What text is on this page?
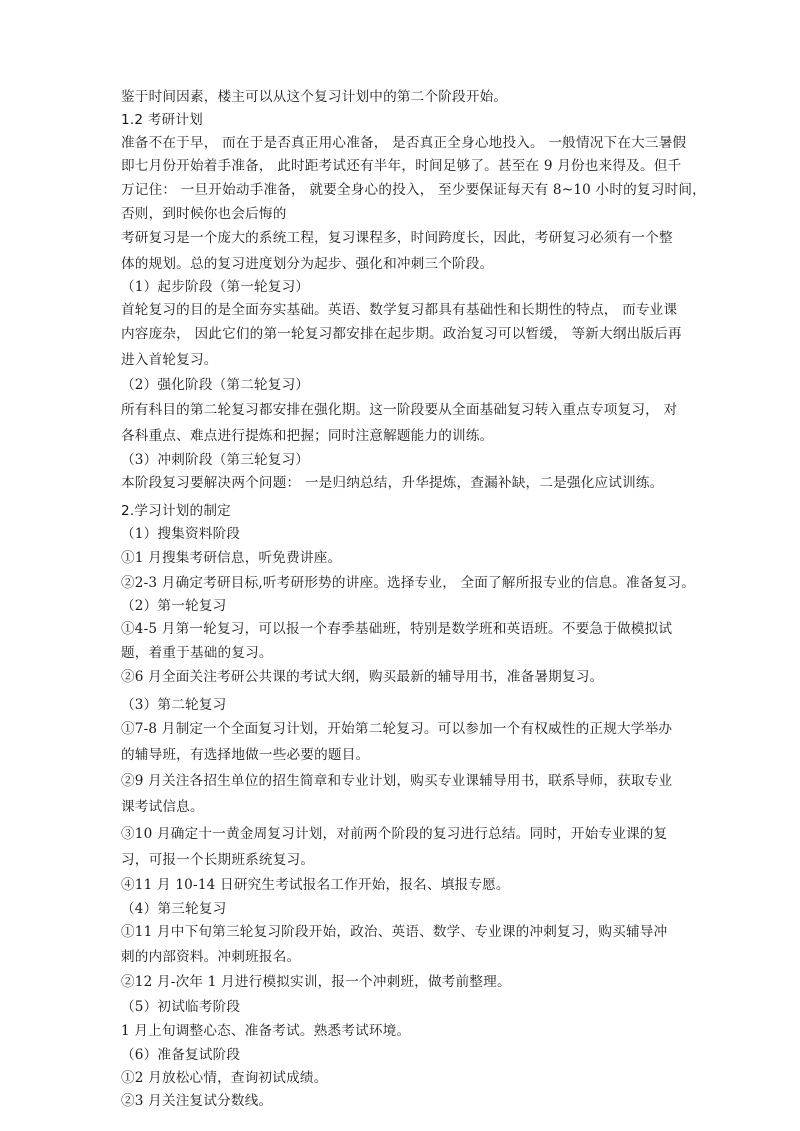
鉴于时间因素，楼主可以从这个复习计划中的第二个阶段开始。
1.2 考研计划
准备不在于早， 而在于是否真正用心准备， 是否真正全身心地投入。 一般情况下在大三暑假
即七月份开始着手准备， 此时距考试还有半年，时间足够了。甚至在 9 月份也来得及。但千
万记住： 一旦开始动手准备， 就要全身心的投入， 至少要保证每天有 8~10 小时的复习时间，
否则，到时候你也会后悔的
考研复习是一个庞大的系统工程，复习课程多，时间跨度长，因此，考研复习必须有一个整
体的规划。总的复习进度划分为起步、强化和冲刺三个阶段。
（1）起步阶段（第一轮复习）
首轮复习的目的是全面夯实基础。英语、数学复习都具有基础性和长期性的特点， 而专业课
内容庞杂， 因此它们的第一轮复习都安排在起步期。政治复习可以暂缓， 等新大纲出版后再
进入首轮复习。
（2）强化阶段（第二轮复习）
所有科目的第二轮复习都安排在强化期。这一阶段要从全面基础复习转入重点专项复习， 对
各科重点、难点进行提炼和把握；同时注意解题能力的训练。
（3）冲刺阶段（第三轮复习）
本阶段复习要解决两个问题： 一是归纳总结，升华提炼，查漏补缺，二是强化应试训练。
2.学习计划的制定
（1）搜集资料阶段
①1 月搜集考研信息，听免费讲座。
②2-3 月确定考研目标,听考研形势的讲座。选择专业， 全面了解所报专业的信息。准备复习。
（2）第一轮复习
①4-5 月第一轮复习，可以报一个春季基础班，特别是数学班和英语班。不要急于做模拟试
题，着重于基础的复习。
②6 月全面关注考研公共课的考试大纲，购买最新的辅导用书，准备暑期复习。
（3）第二轮复习
①7-8 月制定一个全面复习计划，开始第二轮复习。可以参加一个有权威性的正规大学举办
的辅导班，有选择地做一些必要的题目。
②9 月关注各招生单位的招生简章和专业计划，购买专业课辅导用书，联系导师，获取专业
课考试信息。
③10 月确定十一黄金周复习计划，对前两个阶段的复习进行总结。同时，开始专业课的复
习，可报一个长期班系统复习。
④11 月 10-14 日研究生考试报名工作开始，报名、填报专愿。
（4）第三轮复习
①11 月中下旬第三轮复习阶段开始，政治、英语、数学、专业课的冲刺复习，购买辅导冲
刺的内部资料。冲刺班报名。
②12 月-次年 1 月进行模拟实训，报一个冲刺班，做考前整理。
（5）初试临考阶段
1 月上旬调整心态、准备考试。熟悉考试环境。
（6）准备复试阶段
①2 月放松心情，查询初试成绩。
②3 月关注复试分数线。
